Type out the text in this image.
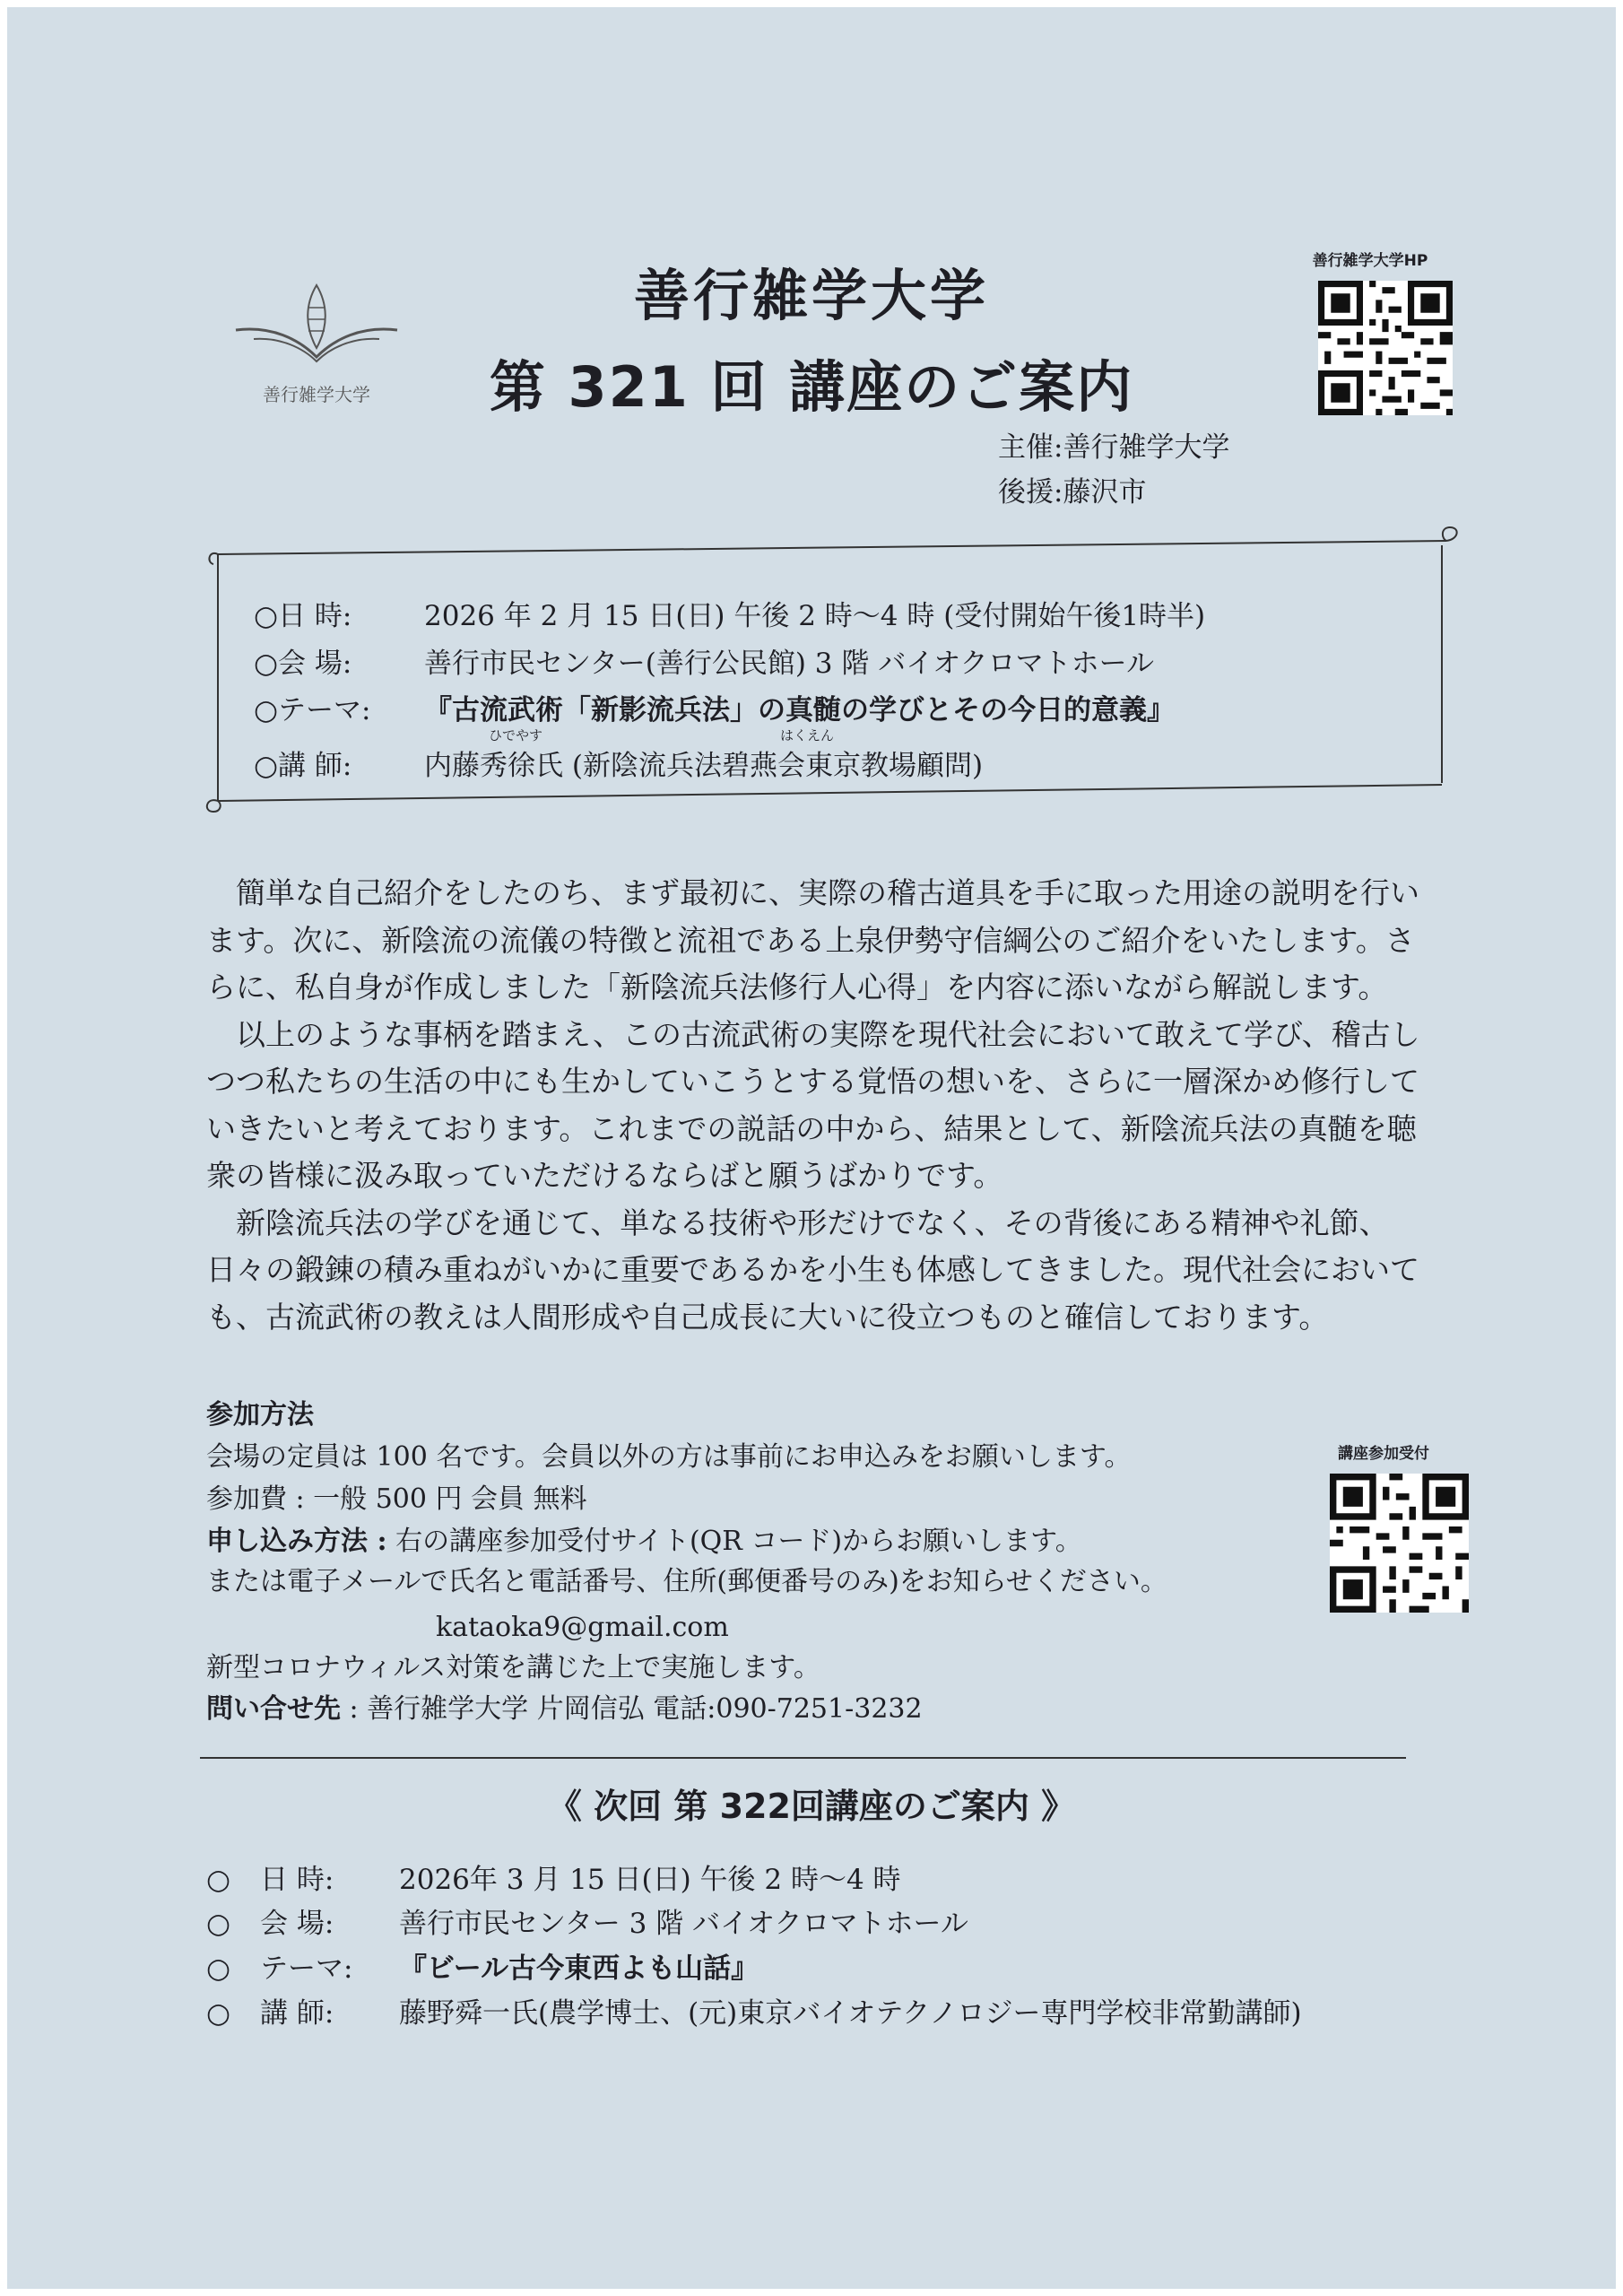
善行雑学大学
善行雑学大学
第 321 回 講座のご案内
善行雑学大学HP
主催:善行雑学大学
後援:藤沢市
○日 時:	2026 年 2 月 15 日(日) 午後 2 時～4 時 (受付開始午後1時半)
○会 場:	善行市民センター(善行公民館) 3 階 バイオクロマトホール
○テーマ: 『古流武術「新影流兵法」の真髄の学びとその今日的意義』
ひでやす	はくえん
○講 師:	内藤秀徐氏 (新陰流兵法碧燕会東京教場顧問)

簡単な自己紹介をしたのち、まず最初に、実際の稽古道具を手に取った用途の説明を行います。次に、新陰流の流儀の特徴と流祖である上泉伊勢守信綱公のご紹介をいたします。さらに、私自身が作成しました「新陰流兵法修行人心得」を内容に添いながら解説します。

以上のような事柄を踏まえ、この古流武術の実際を現代社会において敢えて学び、稽古しつつ私たちの生活の中にも生かしていこうとする覚悟の想いを、さらに一層深かめ修行していきたいと考えております。これまでの説話の中から、結果として、新陰流兵法の真髄を聴衆の皆様に汲み取っていただけるならばと願うばかりです。

新陰流兵法の学びを通じて、単なる技術や形だけでなく、その背後にある精神や礼節、日々の鍛錬の積み重ねがいかに重要であるかを小生も体感してきました。現代社会においても、古流武術の教えは人間形成や自己成長に大いに役立つものと確信しております。

参加方法
会場の定員は 100 名です。会員以外の方は事前にお申込みをお願いします。
参加費 : 一般 500 円 会員 無料
申し込み方法 : 右の講座参加受付サイト(QR コード)からお願いします。
または電子メールで氏名と電話番号、住所(郵便番号のみ)をお知らせください。
kataoka9@gmail.com
新型コロナウィルス対策を講じた上で実施します。
問い合せ先 : 善行雑学大学 片岡信弘 電話:090-7251-3232
講座参加受付
《 次回 第 322回講座のご案内 》
○ 日 時: 2026年 3 月 15 日(日) 午後 2 時～4 時
○ 会 場: 善行市民センター 3 階 バイオクロマトホール
○ テーマ: 『ビール古今東西よも山話』
○ 講 師: 藤野舜一氏(農学博士、(元)東京バイオテクノロジー専門学校非常勤講師)
